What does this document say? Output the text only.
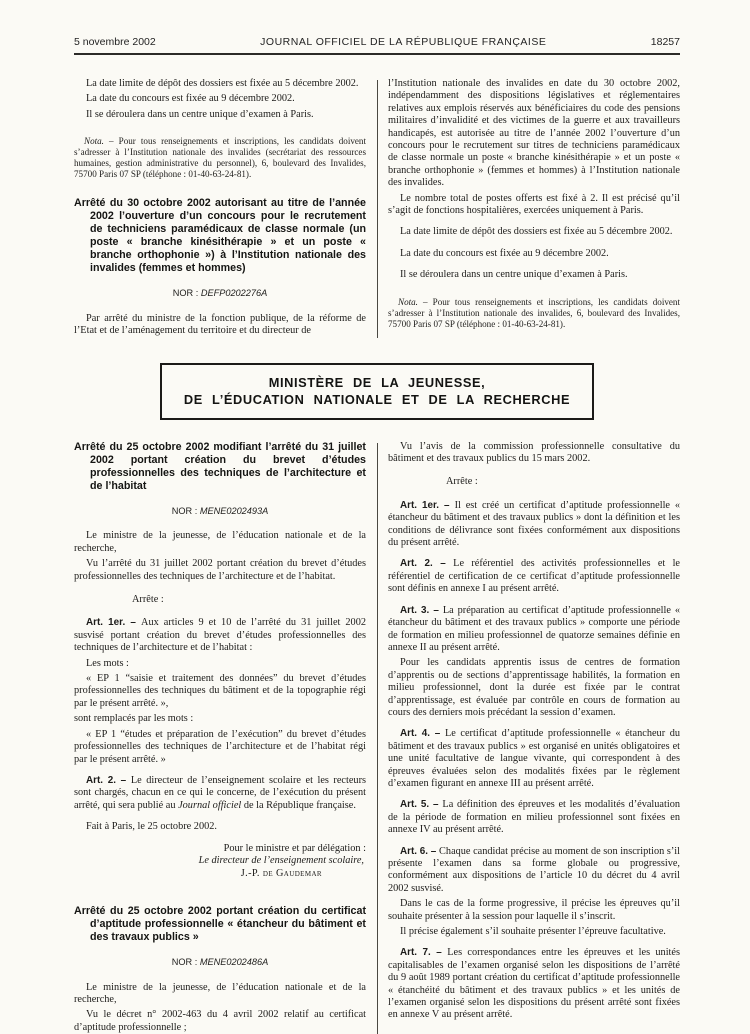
5 novembre 2002	JOURNAL OFFICIEL DE LA RÉPUBLIQUE FRANÇAISE	18257

La date limite de dépôt des dossiers est fixée au 5 décembre 2002.

La date du concours est fixée au 9 décembre 2002.

Il se déroulera dans un centre unique d’examen à Paris.

Nota. – Pour tous renseignements et inscriptions, les candidats doivent s’adresser à l’Institution nationale des invalides (secrétariat des ressources humaines, gestion administrative du personnel), 6, boulevard des Invalides, 75700 Paris 07 SP (téléphone : 01-40-63-24-81).

Arrêté du 30 octobre 2002 autorisant au titre de l’année 2002 l’ouverture d’un concours pour le recrutement de techniciens paramédicaux de classe normale (un poste « branche kinésithérapie » et un poste « branche orthophonie ») à l’Institution nationale des invalides (femmes et hommes)

NOR : DEFP0202276A

Par arrêté du ministre de la fonction publique, de la réforme de l’Etat et de l’aménagement du territoire et du directeur de

l’Institution nationale des invalides en date du 30 octobre 2002, indépendamment des dispositions législatives et réglementaires relatives aux emplois réservés aux bénéficiaires du code des pensions militaires d’invalidité et des victimes de la guerre et aux travailleurs handicapés, est autorisée au titre de l’année 2002 l’ouverture d’un concours pour le recrutement sur titres de techniciens paramédicaux de classe normale un poste « branche kinésithérapie » et un poste « branche orthophonie » (femmes et hommes) à l’Institution nationale des invalides.

Le nombre total de postes offerts est fixé à 2. Il est précisé qu’il s’agit de fonctions hospitalières, exercées uniquement à Paris.

La date limite de dépôt des dossiers est fixée au 5 décembre 2002.

La date du concours est fixée au 9 décembre 2002.

Il se déroulera dans un centre unique d’examen à Paris.

Nota. – Pour tous renseignements et inscriptions, les candidats doivent s’adresser à l’Institution nationale des invalides, 6, boulevard des Invalides, 75700 Paris 07 SP (téléphone : 01-40-63-24-81).

MINISTÈRE DE LA JEUNESSE,
DE L’ÉDUCATION NATIONALE ET DE LA RECHERCHE

Arrêté du 25 octobre 2002 modifiant l’arrêté du 31 juillet 2002 portant création du brevet d’études professionnelles des techniques de l’architecture et de l’habitat

NOR : MENE0202493A

Le ministre de la jeunesse, de l’éducation nationale et de la recherche,

Vu l’arrêté du 31 juillet 2002 portant création du brevet d’études professionnelles des techniques de l’architecture et de l’habitat.

Arrête :

Art. 1er. – Aux articles 9 et 10 de l’arrêté du 31 juillet 2002 susvisé portant création du brevet d’études professionnelles des techniques de l’architecture et de l’habitat :

Les mots :

« EP 1 “saisie et traitement des données” du brevet d’études professionnelles des techniques du bâtiment et de la topographie régi par le présent arrêté. »,

sont remplacés par les mots :

« EP 1 “études et préparation de l’exécution” du brevet d’études professionnelles des techniques de l’architecture et de l’habitat régi par le présent arrêté. »

Art. 2. – Le directeur de l’enseignement scolaire et les recteurs sont chargés, chacun en ce qui le concerne, de l’exécution du présent arrêté, qui sera publié au Journal officiel de la République française.

Fait à Paris, le 25 octobre 2002.

Pour le ministre et par délégation :

Le directeur de l’enseignement scolaire,

J.-P. de Gaudemar

Arrêté du 25 octobre 2002 portant création du certificat d’aptitude professionnelle « étancheur du bâtiment et des travaux publics »

NOR : MENE0202486A

Le ministre de la jeunesse, de l’éducation nationale et de la recherche,

Vu le décret n° 2002-463 du 4 avril 2002 relatif au certificat d’aptitude professionnelle ;

Vu l’avis de la commission professionnelle consultative du bâtiment et des travaux publics du 15 mars 2002.

Arrête :

Art. 1er. – Il est créé un certificat d’aptitude professionnelle « étancheur du bâtiment et des travaux publics » dont la définition et les conditions de délivrance sont fixées conformément aux dispositions du présent arrêté.

Art. 2. – Le référentiel des activités professionnelles et le référentiel de certification de ce certificat d’aptitude professionnelle sont définis en annexe I au présent arrêté.

Art. 3. – La préparation au certificat d’aptitude professionnelle « étancheur du bâtiment et des travaux publics » comporte une période de formation en milieu professionnel de quatorze semaines définie en annexe II au présent arrêté.

Pour les candidats apprentis issus de centres de formation d’apprentis ou de sections d’apprentissage habilités, la formation en milieu professionnel, dont la durée est fixée par le contrat d’apprentissage, est évaluée par contrôle en cours de formation au cours des derniers mois précédant la session d’examen.

Art. 4. – Le certificat d’aptitude professionnelle « étancheur du bâtiment et des travaux publics » est organisé en unités obligatoires et une unité facultative de langue vivante, qui correspondent à des épreuves évaluées selon des modalités fixées par le règlement d’examen figurant en annexe III au présent arrêté.

Art. 5. – La définition des épreuves et les modalités d’évaluation de la période de formation en milieu professionnel sont fixées en annexe IV au présent arrêté.

Art. 6. – Chaque candidat précise au moment de son inscription s’il présente l’examen dans sa forme globale ou progressive, conformément aux dispositions de l’article 10 du décret du 4 avril 2002 susvisé.

Dans le cas de la forme progressive, il précise les épreuves qu’il souhaite présenter à la session pour laquelle il s’inscrit.

Il précise également s’il souhaite présenter l’épreuve facultative.

Art. 7. – Les correspondances entre les épreuves et les unités capitalisables de l’examen organisé selon les dispositions de l’arrêté du 9 août 1989 portant création du certificat d’aptitude professionnelle « étanchéité du bâtiment et des travaux publics » et les unités de l’examen organisé selon les dispositions du présent arrêté sont fixées en annexe V au présent arrêté.
